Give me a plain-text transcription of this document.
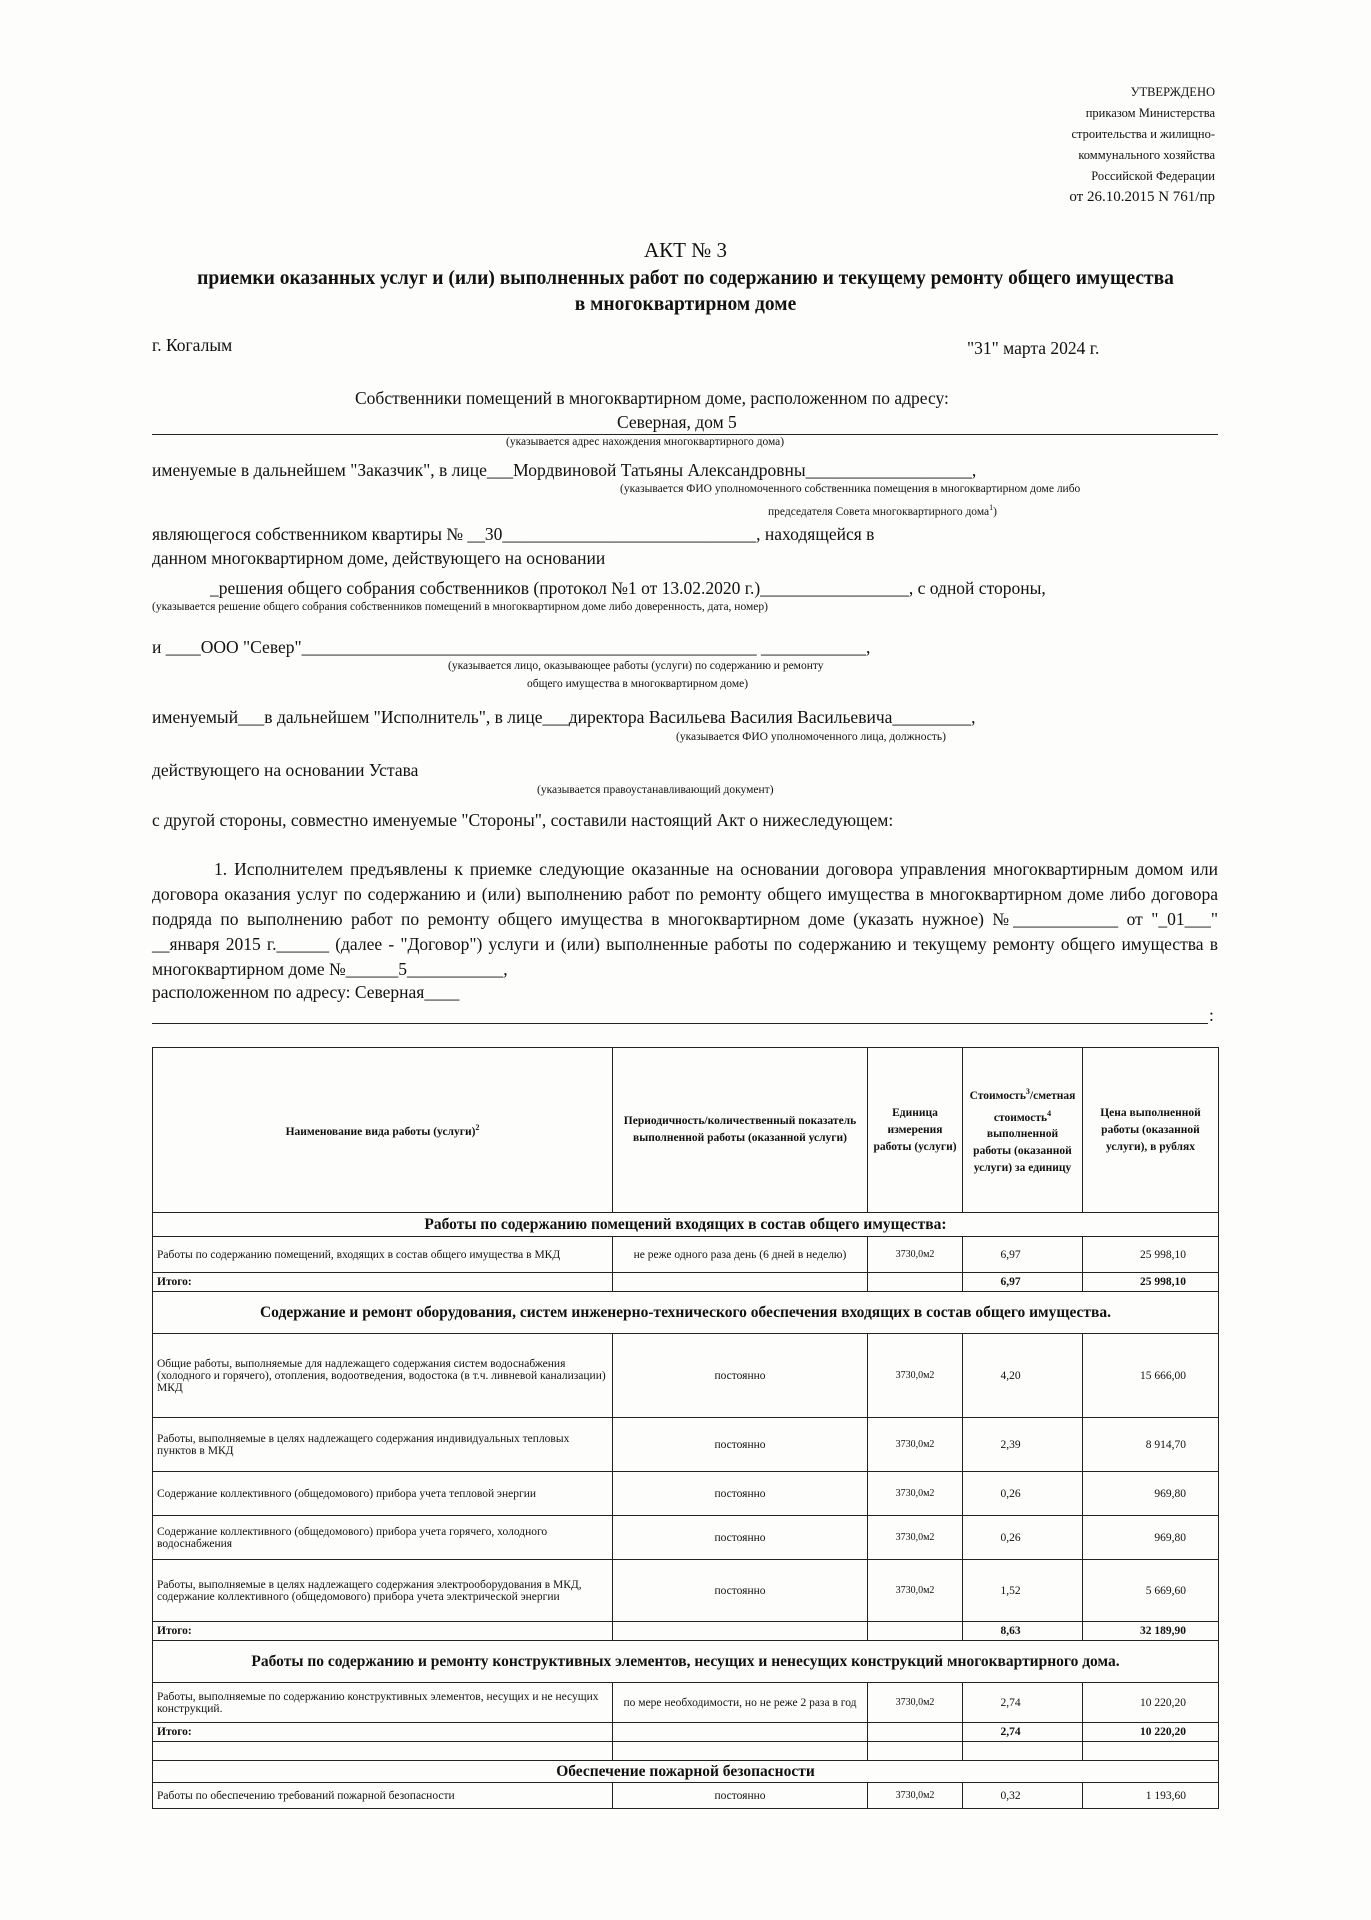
УТВЕРЖДЕНО
приказом Министерства
строительства и жилищно-
коммунального хозяйства
Российской Федерации
от 26.10.2015 N 761/пр
АКТ № 3
приемки оказанных услуг и (или) выполненных работ по содержанию и текущему ремонту общего имущества
в многоквартирном доме
г. Когалым	"31" марта 2024 г.
Собственники помещений в многоквартирном доме, расположенном по адресу:
Северная, дом 5
(указывается адрес нахождения многоквартирного дома)
именуемые в дальнейшем "Заказчик", в лице___Мордвиновой Татьяны Александровны___________________,
(указывается ФИО уполномоченного собственника помещения в многоквартирном доме либо
председателя Совета многоквартирного дома$^1$)
являющегося собственником квартиры № __30_____________________________, находящейся в
данном многоквартирном доме, действующего на основании
_решения общего собрания собственников (протокол №1 от 13.02.2020 г.)_________________, с одной стороны,
(указывается решение общего собрания собственников помещений в многоквартирном доме либо доверенность, дата, номер)
и ____ООО "Север"____________________________________________________ ____________,
(указывается лицо, оказывающее работы (услуги) по содержанию и ремонту
общего имущества в многоквартирном доме)
именуемый___в дальнейшем "Исполнитель", в лице___директора Васильева Василия Васильевича_________,
(указывается ФИО уполномоченного лица, должность)
действующего на основании Устава
(указывается правоустанавливающий документ)
с другой стороны, совместно именуемые "Стороны", составили настоящий Акт о нижеследующем:
1. Исполнителем предъявлены к приемке следующие оказанные на основании договора управления многоквартирным домом или договора оказания услуг по содержанию и (или) выполнению работ по ремонту общего имущества в многоквартирном доме либо договора подряда по выполнению работ по ремонту общего имущества в многоквартирном доме (указать нужное) №____________ от "_01___" __января 2015 г.______ (далее - "Договор") услуги и (или) выполненные работы по содержанию и текущему ремонту общего имущества в многоквартирном доме №______5___________,
расположенном по адресу: Северная____
:
Наименование вида работы (услуги)$^2$	Периодичность/количественный показатель выполненной работы (оказанной услуги)	Единица измерения работы (услуги)	Стоимость$^3$/сметная стоимость$^4$ выполненной работы (оказанной услуги) за единицу	Цена выполненной работы (оказанной услуги), в рублях
Работы по содержанию помещений входящих в состав общего имущества:				
Работы по содержанию помещений, входящих в состав общего имущества в МКД	не реже одного раза день (6 дней в неделю)	3730,0м2	6,97	25 998,10
Итого:			6,97	25 998,10
Содержание и ремонт оборудования, систем инженерно-технического обеспечения входящих в состав общего имущества.				
Общие работы, выполняемые для надлежащего содержания систем водоснабжения (холодного и горячего), отопления, водоотведения, водостока (в т.ч. ливневой канализации) МКД	постоянно	3730,0м2	4,20	15 666,00
Работы, выполняемые в целях надлежащего содержания индивидуальных тепловых пунктов в МКД	постоянно	3730,0м2	2,39	8 914,70
Содержание коллективного (общедомового) прибора учета тепловой энергии	постоянно	3730,0м2	0,26	969,80
Содержание коллективного (общедомового) прибора учета горячего, холодного водоснабжения	постоянно	3730,0м2	0,26	969,80
Работы, выполняемые в целях надлежащего содержания электрооборудования в МКД, содержание коллективного (общедомового) прибора учета электрической энергии	постоянно	3730,0м2	1,52	5 669,60
Итого:			8,63	32 189,90
Работы по содержанию и ремонту конструктивных элементов, несущих и ненесущих конструкций многоквартирного дома.				
Работы, выполняемые по содержанию конструктивных элементов, несущих и не несущих конструкций.	по мере необходимости, но не реже 2 раза в год	3730,0м2	2,74	10 220,20
Итого:			2,74	10 220,20

Обеспечение пожарной безопасности				
Работы по обеспечению требований пожарной безопасности	постоянно	3730,0м2	0,32	1 193,60
